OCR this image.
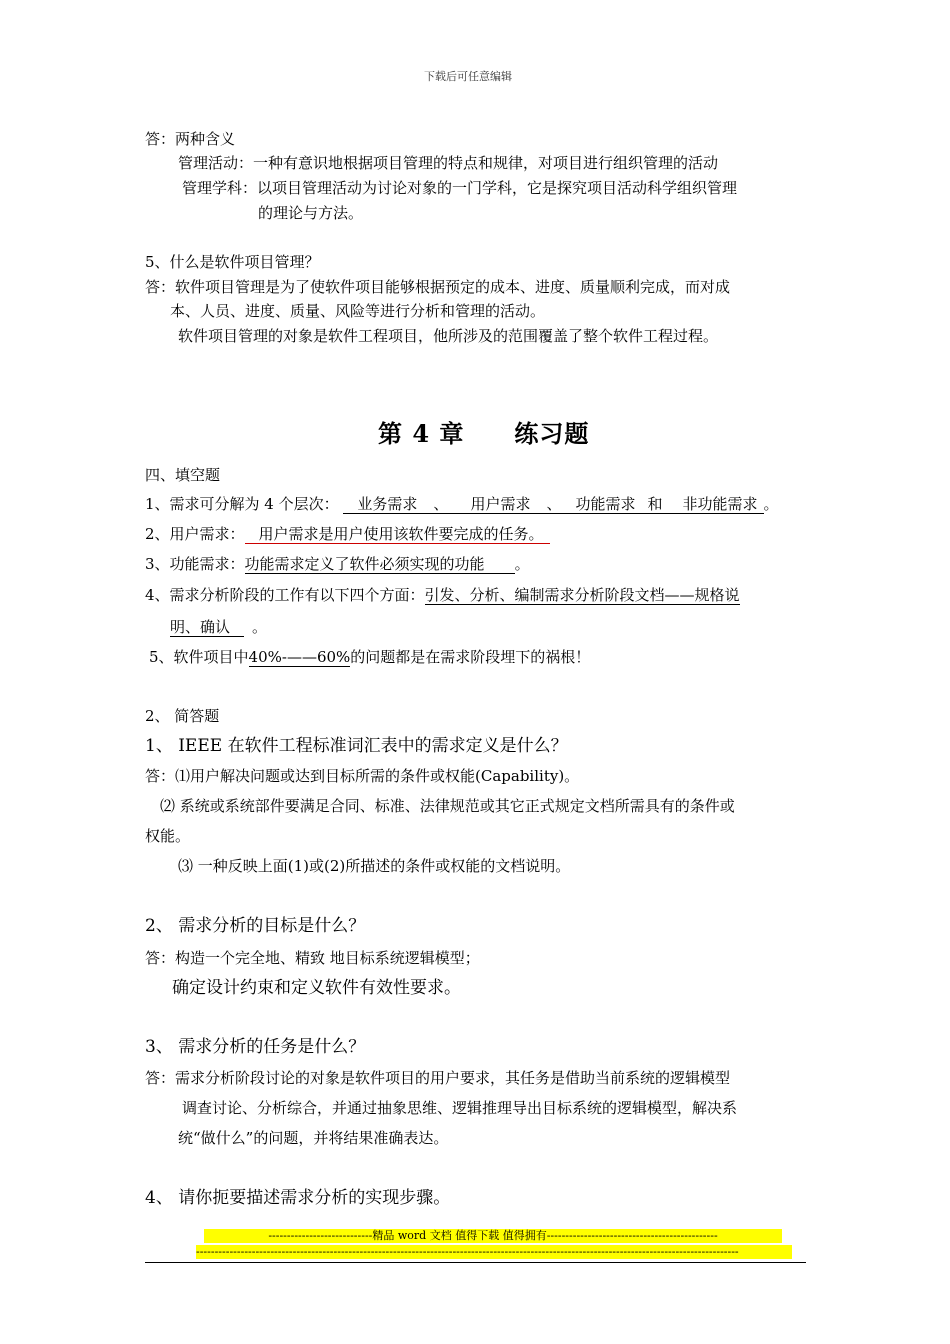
下载后可任意编辑
答：两种含义
管理活动：一种有意识地根据项目管理的特点和规律，对项目进行组织管理的活动
管理学科：以项目管理活动为讨论对象的一门学科，它是探究项目活动科学组织管理
的理论与方法。
5、什么是软件项目管理？
答：软件项目管理是为了使软件项目能够根据预定的成本、进度、质量顺利完成，而对成
本、人员、进度、质量、风险等进行分析和管理的活动。
软件项目管理的对象是软件工程项目，他所涉及的范围覆盖了整个软件工程过程。
第 4 章　　练习题
四、填空题
1、需求可分解为 4 个层次： 业务需求 、 用户需求 、 功能需求 和 非功能需求 。
2、用户需求： 用户需求是用户使用该软件要完成的任务。
3、功能需求：功能需求定义了软件必须实现的功能 。
4、需求分析阶段的工作有以下四个方面：引发、分析、编制需求分析阶段文档——规格说
明、确认 。
5、软件项目中40%-——60%的问题都是在需求阶段埋下的祸根！
2、 简答题
1、 IEEE 在软件工程标准词汇表中的需求定义是什么？
答：⑴用户解决问题或达到目标所需的条件或权能(Capability)。
⑵ 系统或系统部件要满足合同、标准、法律规范或其它正式规定文档所需具有的条件或
权能。
⑶ 一种反映上面(1)或(2)所描述的条件或权能的文档说明。
2、 需求分析的目标是什么？
答：构造一个完全地、精致 地目标系统逻辑模型；
确定设计约束和定义软件有效性要求。
3、 需求分析的任务是什么？
答：需求分析阶段讨论的对象是软件项目的用户要求，其任务是借助当前系统的逻辑模型
调查讨论、分析综合，并通过抽象思维、逻辑推理导出目标系统的逻辑模型，解决系
统“做什么”的问题，并将结果准确表达。
4、 请你扼要描述需求分析的实现步骤。
----------------------------精品 word 文档 值得下载 值得拥有----------------------------------------------
--------------------------------------------------------------------------------------------------------------------------------------------------
